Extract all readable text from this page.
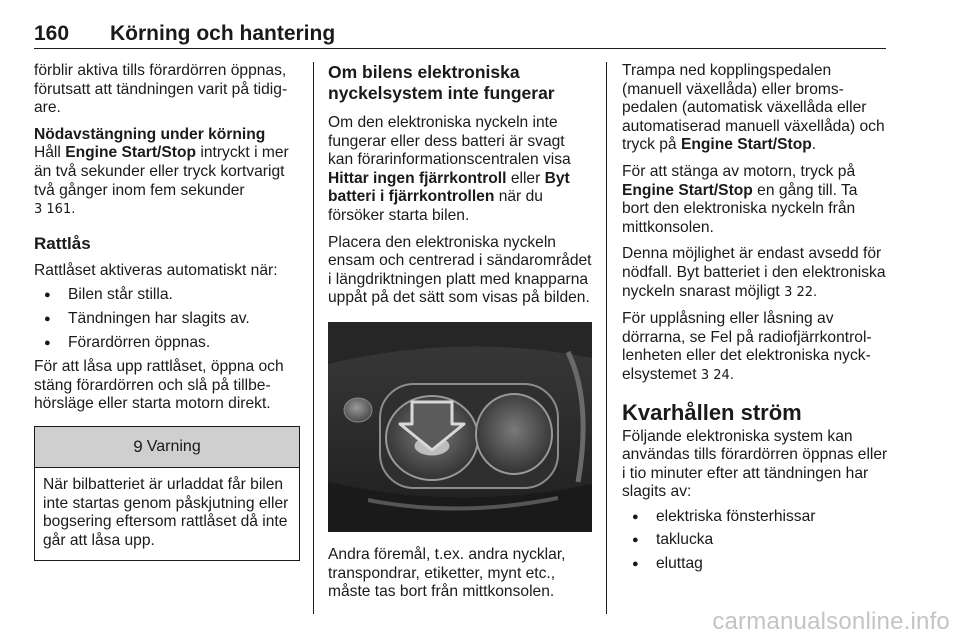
160 Körning och hantering

förblir aktiva tills förardörren öppnas, förutsatt att tändningen varit på tidigare.

Nödavstängning under körning

Håll Engine Start/Stop intryckt i mer än två sekunder eller tryck kortvarigt två gånger inom fem sekunder
3 161.

Rattlås

Rattlåset aktiveras automatiskt när:

● Bilen står stilla.
● Tändningen har slagits av.
● Förardörren öppnas.

För att låsa upp rattlåset, öppna och stäng förardörren och slå på tillbehörsläge eller starta motorn direkt.

9 Varning
När bilbatteriet är urladdat får bilen inte startas genom påskjutning eller bogsering eftersom rattlåset då inte går att låsa upp.
Om bilens elektroniska nyckelsystem inte fungerar

Om den elektroniska nyckeln inte fungerar eller dess batteri är svagt kan förarinformationscentralen visa Hittar ingen fjärrkontroll eller Byt batteri i fjärrkontrollen när du försöker starta bilen.

Placera den elektroniska nyckeln ensam och centrerad i sändarområdet i längdriktningen platt med knapparna uppåt på det sätt som visas på bilden.

Andra föremål, t.ex. andra nycklar, transpondrar, etiketter, mynt etc., måste tas bort från mittkonsolen.

Trampa ned kopplingspedalen (manuell växellåda) eller bromspedalen (automatisk växellåda eller automatiserad manuell växellåda) och tryck på Engine Start/Stop.

För att stänga av motorn, tryck på Engine Start/Stop en gång till. Ta bort den elektroniska nyckeln från mittkonsolen.

Denna möjlighet är endast avsedd för nödfall. Byt batteriet i den elektroniska nyckeln snarast möjligt 3 22.

För upplåsning eller låsning av dörrarna, se Fel på radiofjärrkontrollenheten eller det elektroniska nyckelsystemet 3 24.

Kvarhållen ström

Följande elektroniska system kan användas tills förardörren öppnas eller i tio minuter efter att tändningen har slagits av:

● elektriska fönsterhissar
● taklucka
● eluttag
carmanualsonline.info
